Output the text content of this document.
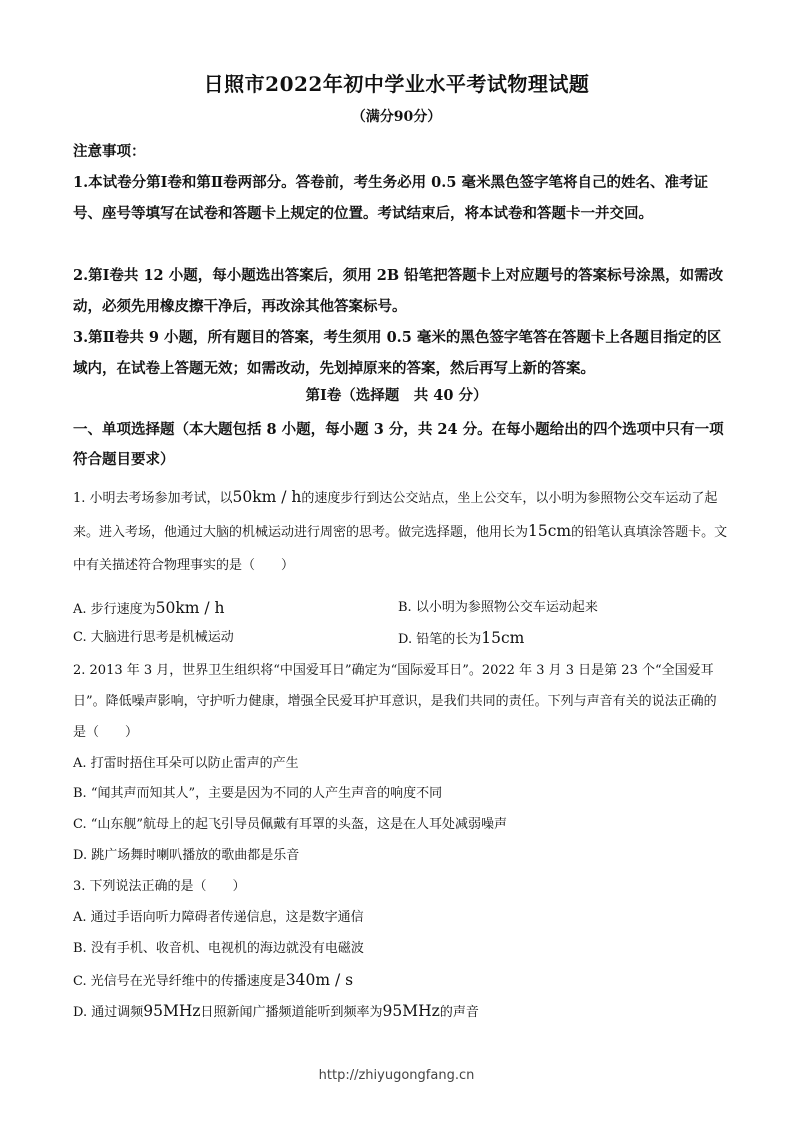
日照市2022年初中学业水平考试物理试题
（满分90分）
注意事项：
1.本试卷分第Ⅰ卷和第Ⅱ卷两部分。答卷前，考生务必用 0.5 毫米黑色签字笔将自己的姓名、准考证号、座号等填写在试卷和答题卡上规定的位置。考试结束后，将本试卷和答题卡一并交回。
2.第Ⅰ卷共 12 小题，每小题选出答案后，须用 2B 铅笔把答题卡上对应题号的答案标号涂黑，如需改动，必须先用橡皮擦干净后，再改涂其他答案标号。
3.第Ⅱ卷共 9 小题，所有题目的答案，考生须用 0.5 毫米的黑色签字笔答在答题卡上各题目指定的区域内，在试卷上答题无效；如需改动，先划掉原来的答案，然后再写上新的答案。
第Ⅰ卷（选择题　共 40 分）
一、单项选择题（本大题包括 8 小题，每小题 3 分，共 24 分。在每小题给出的四个选项中只有一项符合题目要求）
1. 小明去考场参加考试，以50km / h的速度步行到达公交站点，坐上公交车，以小明为参照物公交车运动了起来。进入考场，他通过大脑的机械运动进行周密的思考。做完选择题，他用长为15cm的铅笔认真填涂答题卡。文中有关描述符合物理事实的是（　　）
A. 步行速度为50km / h	B. 以小明为参照物公交车运动起来
C. 大脑进行思考是机械运动	D. 铅笔的长为15cm
2. 2013 年 3 月，世界卫生组织将“中国爱耳日”确定为“国际爱耳日”。2022 年 3 月 3 日是第 23 个“全国爱耳日”。降低噪声影响，守护听力健康，增强全民爱耳护耳意识，是我们共同的责任。下列与声音有关的说法正确的是（　　）
A. 打雷时捂住耳朵可以防止雷声的产生
B. “闻其声而知其人”，主要是因为不同的人产生声音的响度不同
C. “山东舰”航母上的起飞引导员佩戴有耳罩的头盔，这是在人耳处减弱噪声
D. 跳广场舞时喇叭播放的歌曲都是乐音
3. 下列说法正确的是（　　）
A. 通过手语向听力障碍者传递信息，这是数字通信
B. 没有手机、收音机、电视机的海边就没有电磁波
C. 光信号在光导纤维中的传播速度是340m / s
D. 通过调频95MHz日照新闻广播频道能听到频率为95MHz的声音
http://zhiyugongfang.cn
